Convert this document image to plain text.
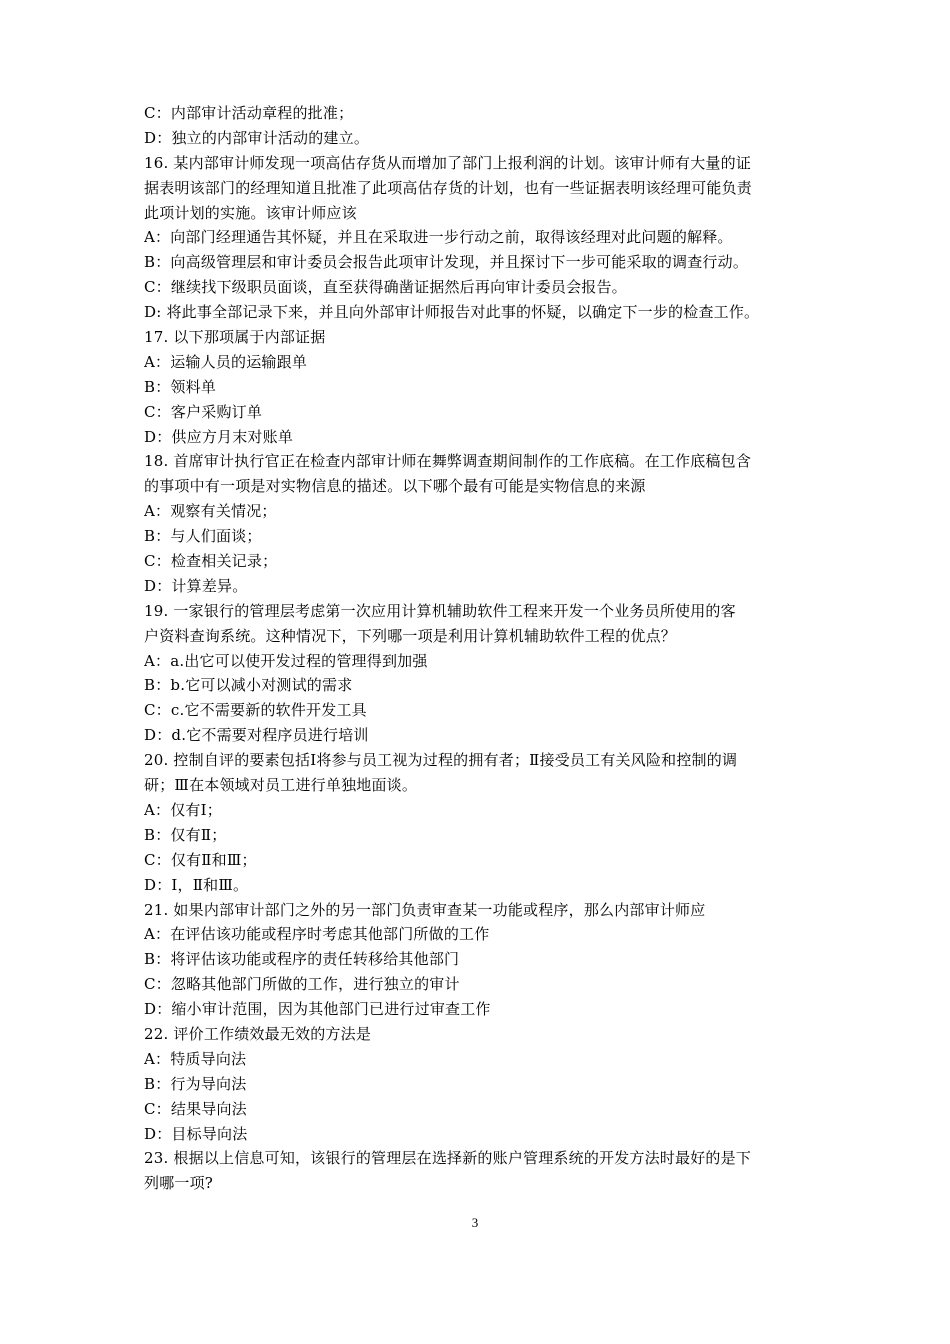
C：内部审计活动章程的批准；
D：独立的内部审计活动的建立。
16. 某内部审计师发现一项高估存货从而增加了部门上报利润的计划。该审计师有大量的证
据表明该部门的经理知道且批准了此项高估存货的计划，也有一些证据表明该经理可能负责
此项计划的实施。该审计师应该
A：向部门经理通告其怀疑，并且在采取进一步行动之前，取得该经理对此问题的解释。
B：向高级管理层和审计委员会报告此项审计发现，并且探讨下一步可能采取的调查行动。
C：继续找下级职员面谈，直至获得确凿证据然后再向审计委员会报告。
D: 将此事全部记录下来，并且向外部审计师报告对此事的怀疑，以确定下一步的检查工作。
17. 以下那项属于内部证据
A：运输人员的运输跟单
B：领料单
C：客户采购订单
D：供应方月末对账单
18. 首席审计执行官正在检查内部审计师在舞弊调查期间制作的工作底稿。在工作底稿包含
的事项中有一项是对实物信息的描述。以下哪个最有可能是实物信息的来源
A：观察有关情况；
B：与人们面谈；
C：检查相关记录；
D：计算差异。
19. 一家银行的管理层考虑第一次应用计算机辅助软件工程来开发一个业务员所使用的客
户资料查询系统。这种情况下，下列哪一项是利用计算机辅助软件工程的优点？
A：a.出它可以使开发过程的管理得到加强
B：b.它可以减小对测试的需求
C：c.它不需要新的软件开发工具
D：d.它不需要对程序员进行培训
20. 控制自评的要素包括Ⅰ将参与员工视为过程的拥有者；Ⅱ接受员工有关风险和控制的调
研；Ⅲ在本领域对员工进行单独地面谈。
A：仅有Ⅰ；
B：仅有Ⅱ；
C：仅有Ⅱ和Ⅲ；
D：Ⅰ，Ⅱ和Ⅲ。
21. 如果内部审计部门之外的另一部门负责审查某一功能或程序，那么内部审计师应
A：在评估该功能或程序时考虑其他部门所做的工作
B：将评估该功能或程序的责任转移给其他部门
C：忽略其他部门所做的工作，进行独立的审计
D：缩小审计范围，因为其他部门已进行过审查工作
22. 评价工作绩效最无效的方法是
A：特质导向法
B：行为导向法
C：结果导向法
D：目标导向法
23. 根据以上信息可知，该银行的管理层在选择新的账户管理系统的开发方法时最好的是下
列哪一项?
3
